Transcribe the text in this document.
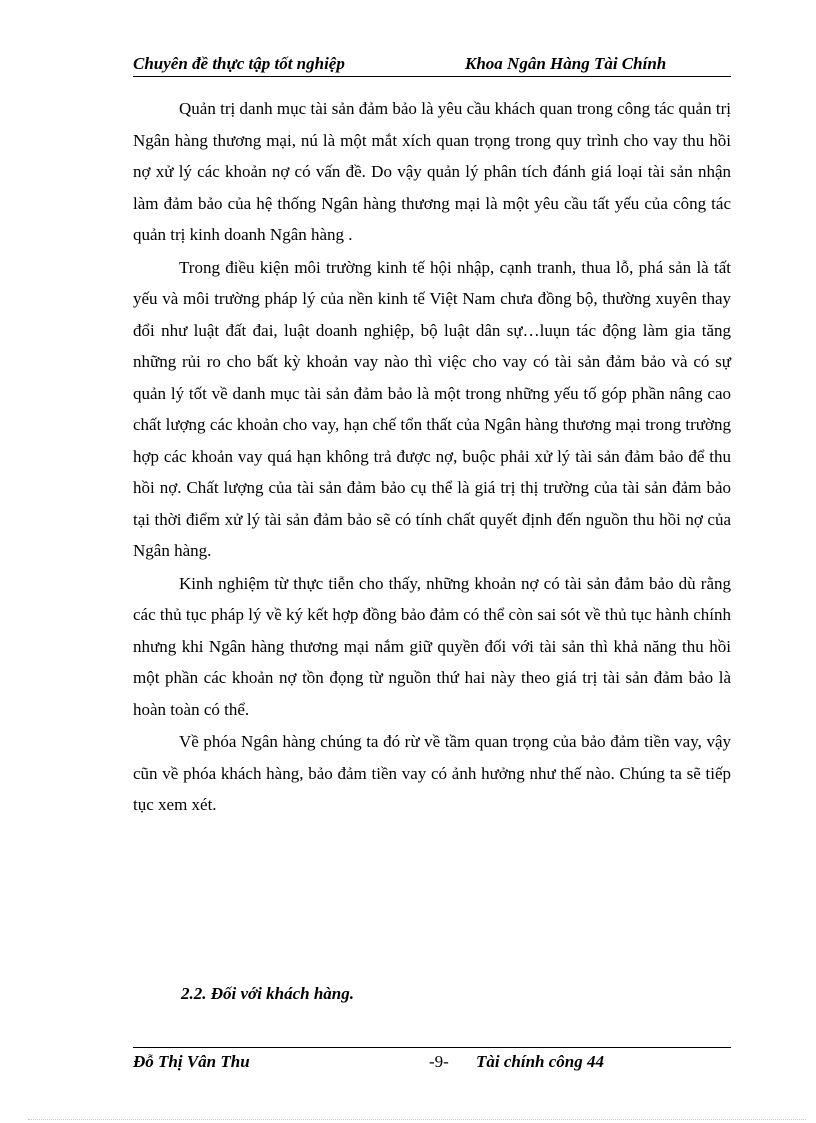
Chuyên đề thực tập tốt nghiệp	Khoa Ngân Hàng Tài Chính

Quản trị danh mục tài sản đảm bảo là yêu cầu khách quan trong công tác quản trị Ngân hàng thương mại, nú là một mắt xích quan trọng trong quy trình cho vay thu hồi nợ xử lý các khoản nợ có vấn đề. Do vậy quản lý phân tích đánh giá loại tài sản nhận làm đảm bảo của hệ thống Ngân hàng thương mại là một yêu cầu tất yếu của công tác quản trị kinh doanh Ngân hàng .

Trong điều kiện môi trường kinh tế hội nhập, cạnh tranh, thua lỗ, phá sản là tất yếu và môi trường pháp lý của nền kinh tế Việt Nam chưa đồng bộ, thường xuyên thay đổi như luật đất đai, luật doanh nghiệp, bộ luật dân sự…luụn tác động làm gia tăng những rủi ro cho bất kỳ khoản vay nào thì việc cho vay có tài sản đảm bảo và có sự quản lý tốt về danh mục tài sản đảm bảo là một trong những yếu tố góp phần nâng cao chất lượng các khoản cho vay, hạn chế tổn thất của Ngân hàng thương mại trong trường hợp các khoản vay quá hạn không trả được nợ, buộc phải xử lý tài sản đảm bảo để thu hồi nợ. Chất lượng của tài sản đảm bảo cụ thể là giá trị thị trường của tài sản đảm bảo tại thời điểm xử lý tài sản đảm bảo sẽ có tính chất quyết định đến nguồn thu hồi nợ của Ngân hàng.

Kinh nghiệm từ thực tiễn cho thấy, những khoản nợ có tài sản đảm bảo dù rằng các thủ tục pháp lý về ký kết hợp đồng bảo đảm có thể còn sai sót về thủ tục hành chính nhưng khi Ngân hàng thương mại nắm giữ quyền đối với tài sản thì khả năng thu hồi một phần các khoản nợ tồn đọng từ nguồn thứ hai này theo giá trị tài sản đảm bảo là hoàn toàn có thể.

Về phóa Ngân hàng chúng ta đó rừ về tầm quan trọng của bảo đảm tiền vay, vậy cũn về phóa khách hàng, bảo đảm tiền vay có ảnh hưởng như thế nào. Chúng ta sẽ tiếp tục xem xét.

2.2. Đối với khách hàng.
Đỗ Thị Vân Thu	-9- Tài chính công 44
